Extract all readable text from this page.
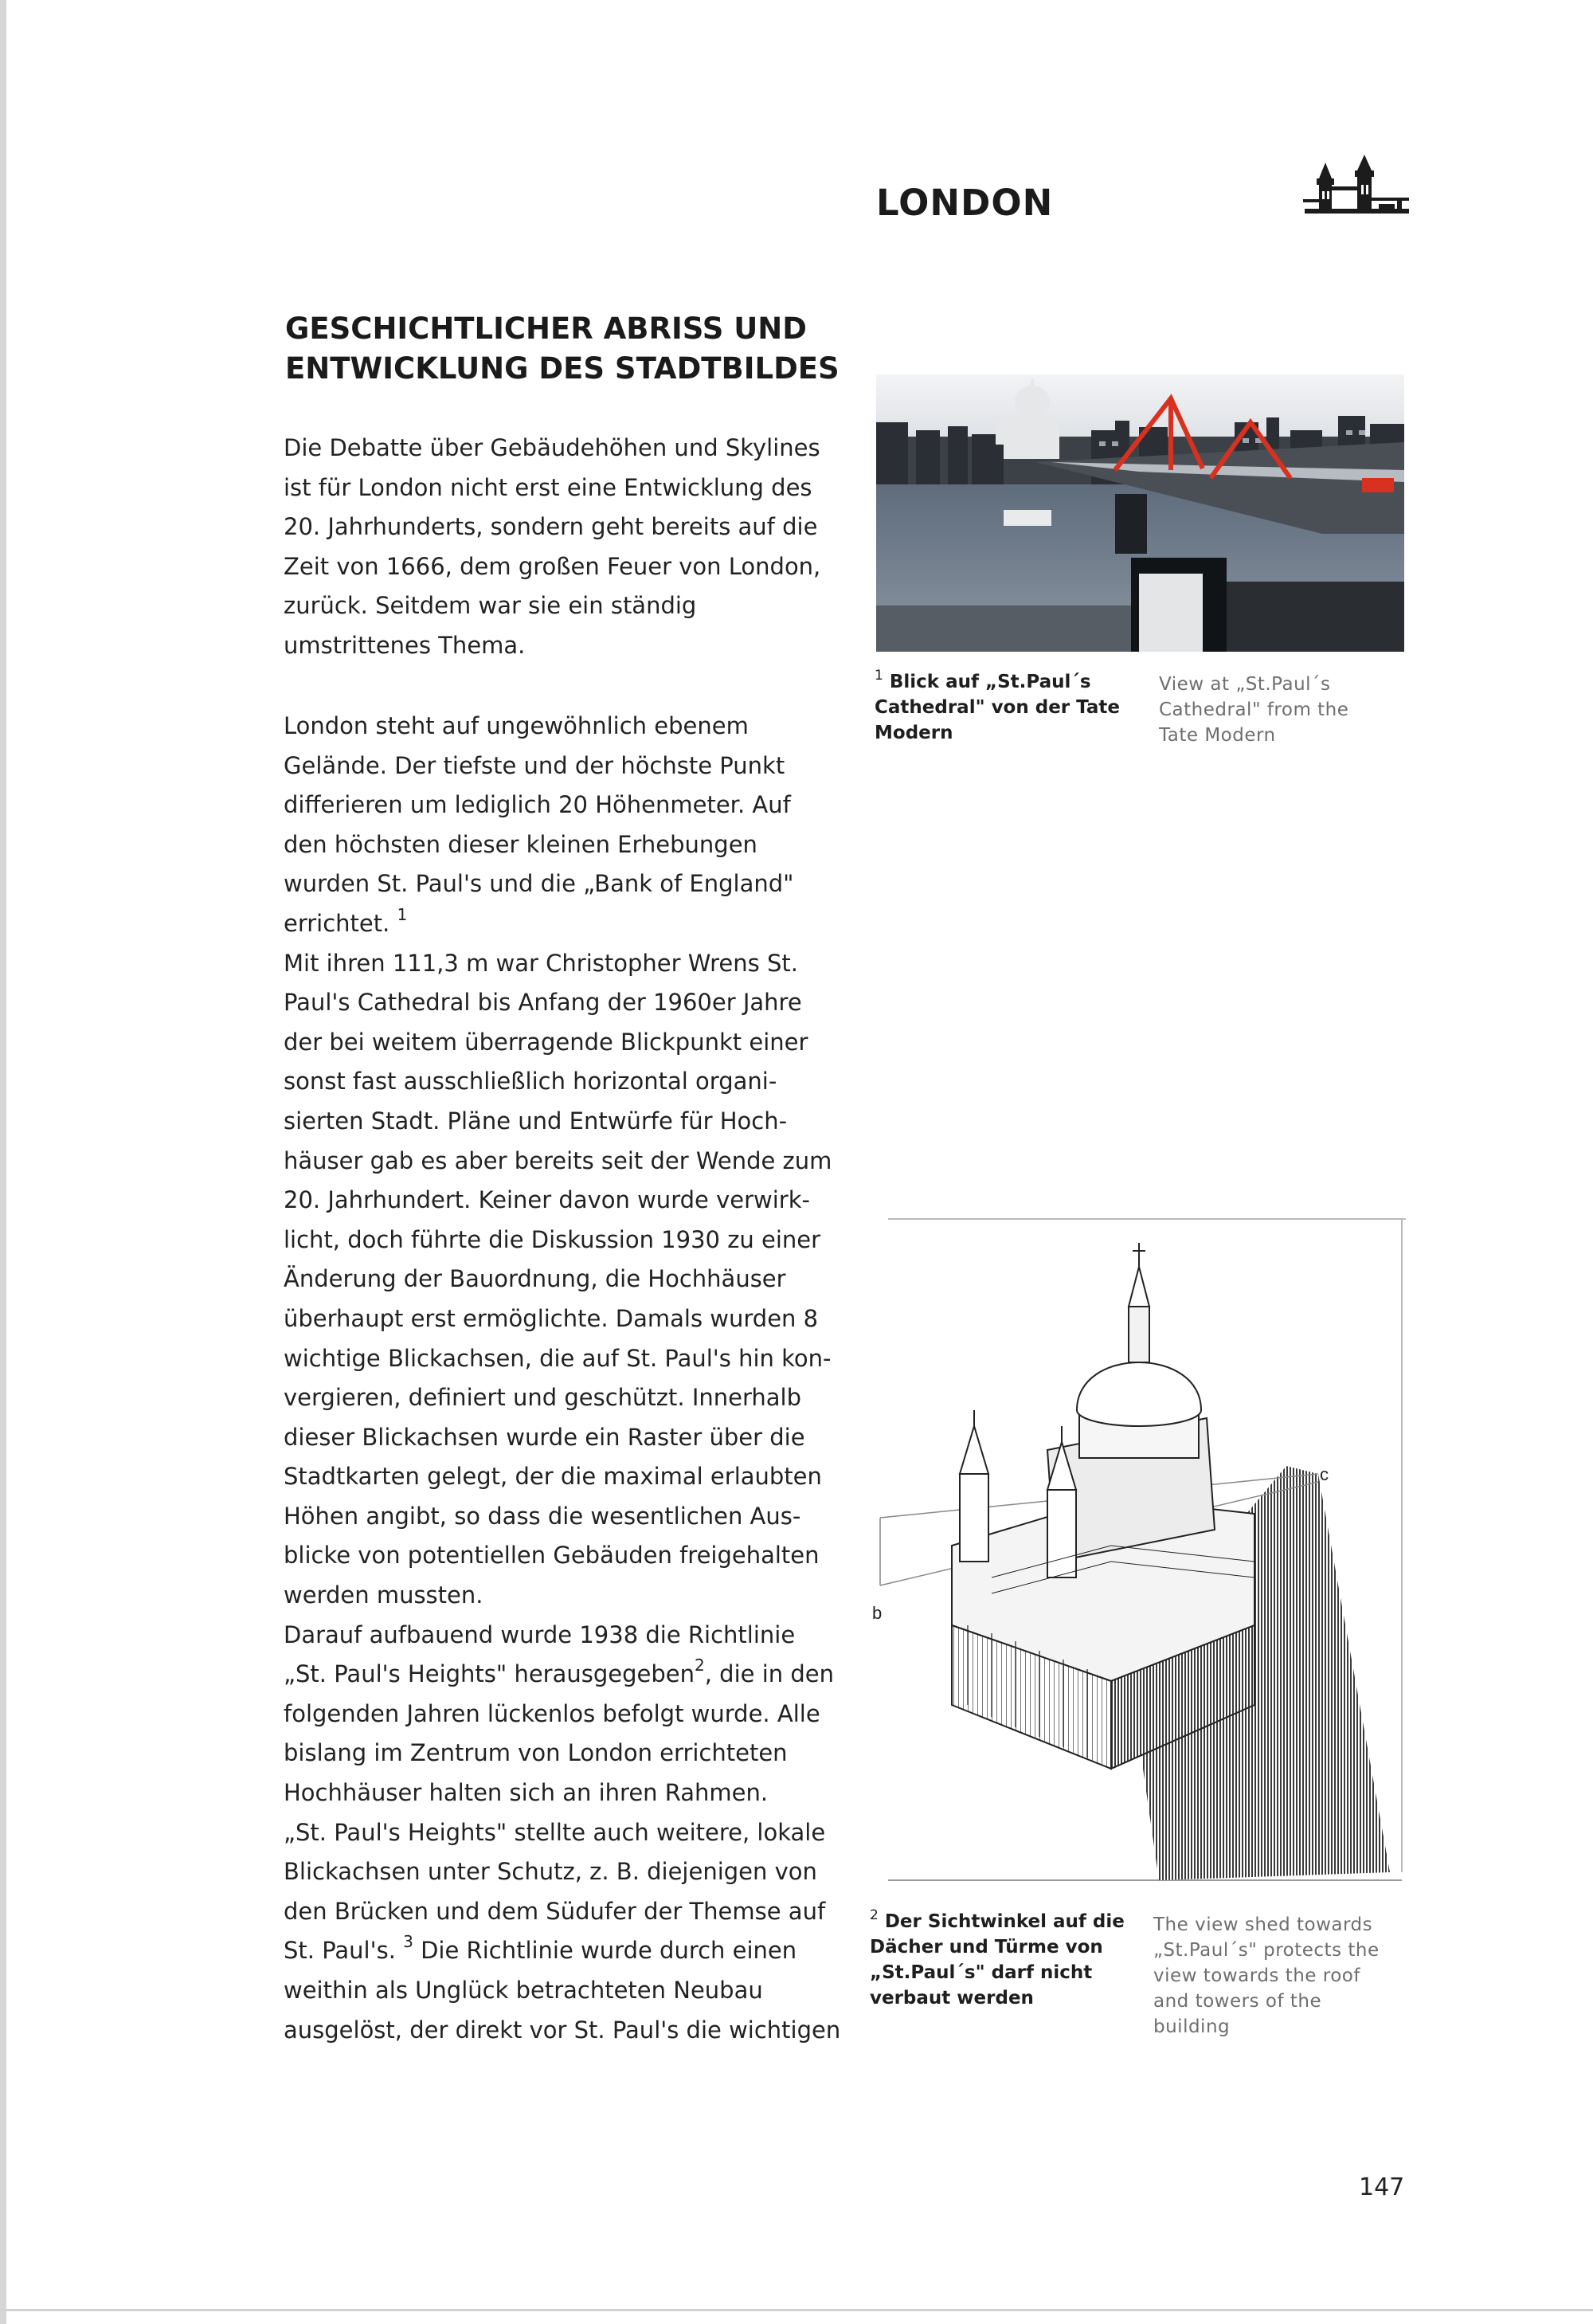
LONDON
GESCHICHTLICHER ABRISS UND
ENTWICKLUNG DES STADTBILDES
Die Debatte über Gebäudehöhen und Skylines
ist für London nicht erst eine Entwicklung des
20. Jahrhunderts, sondern geht bereits auf die
Zeit von 1666, dem großen Feuer von London,
zurück. Seitdem war sie ein ständig
umstrittenes Thema.
London steht auf ungewöhnlich ebenem
Gelände. Der tiefste und der höchste Punkt
differieren um lediglich 20 Höhenmeter. Auf
den höchsten dieser kleinen Erhebungen
wurden St. Paul's und die „Bank of England"
errichtet. $^1$
Mit ihren 111,3 m war Christopher Wrens St.
Paul's Cathedral bis Anfang der 1960er Jahre
der bei weitem überragende Blickpunkt einer
sonst fast ausschließlich horizontal organi-
sierten Stadt. Pläne und Entwürfe für Hoch-
häuser gab es aber bereits seit der Wende zum
20. Jahrhundert. Keiner davon wurde verwirk-
licht, doch führte die Diskussion 1930 zu einer
Änderung der Bauordnung, die Hochhäuser
überhaupt erst ermöglichte. Damals wurden 8
wichtige Blickachsen, die auf St. Paul's hin kon-
vergieren, definiert und geschützt. Innerhalb
dieser Blickachsen wurde ein Raster über die
Stadtkarten gelegt, der die maximal erlaubten
Höhen angibt, so dass die wesentlichen Aus-
blicke von potentiellen Gebäuden freigehalten
werden mussten.
Darauf aufbauend wurde 1938 die Richtlinie
„St. Paul's Heights" herausgegeben$^2$, die in den
folgenden Jahren lückenlos befolgt wurde. Alle
bislang im Zentrum von London errichteten
Hochhäuser halten sich an ihren Rahmen.
„St. Paul's Heights" stellte auch weitere, lokale
Blickachsen unter Schutz, z. B. diejenigen von
den Brücken und dem Südufer der Themse auf
St. Paul's. $^3$ Die Richtlinie wurde durch einen
weithin als Unglück betrachteten Neubau
ausgelöst, der direkt vor St. Paul's die wichtigen
$^1$ Blick auf „St.Paul´s
Cathedral" von der Tate
Modern
View at „St.Paul´s
Cathedral" from the
Tate Modern
b
c
$^2$ Der Sichtwinkel auf die
Dächer und Türme von
„St.Paul´s" darf nicht
verbaut werden
The view shed towards
„St.Paul´s" protects the
view towards the roof
and towers of the
building
147
